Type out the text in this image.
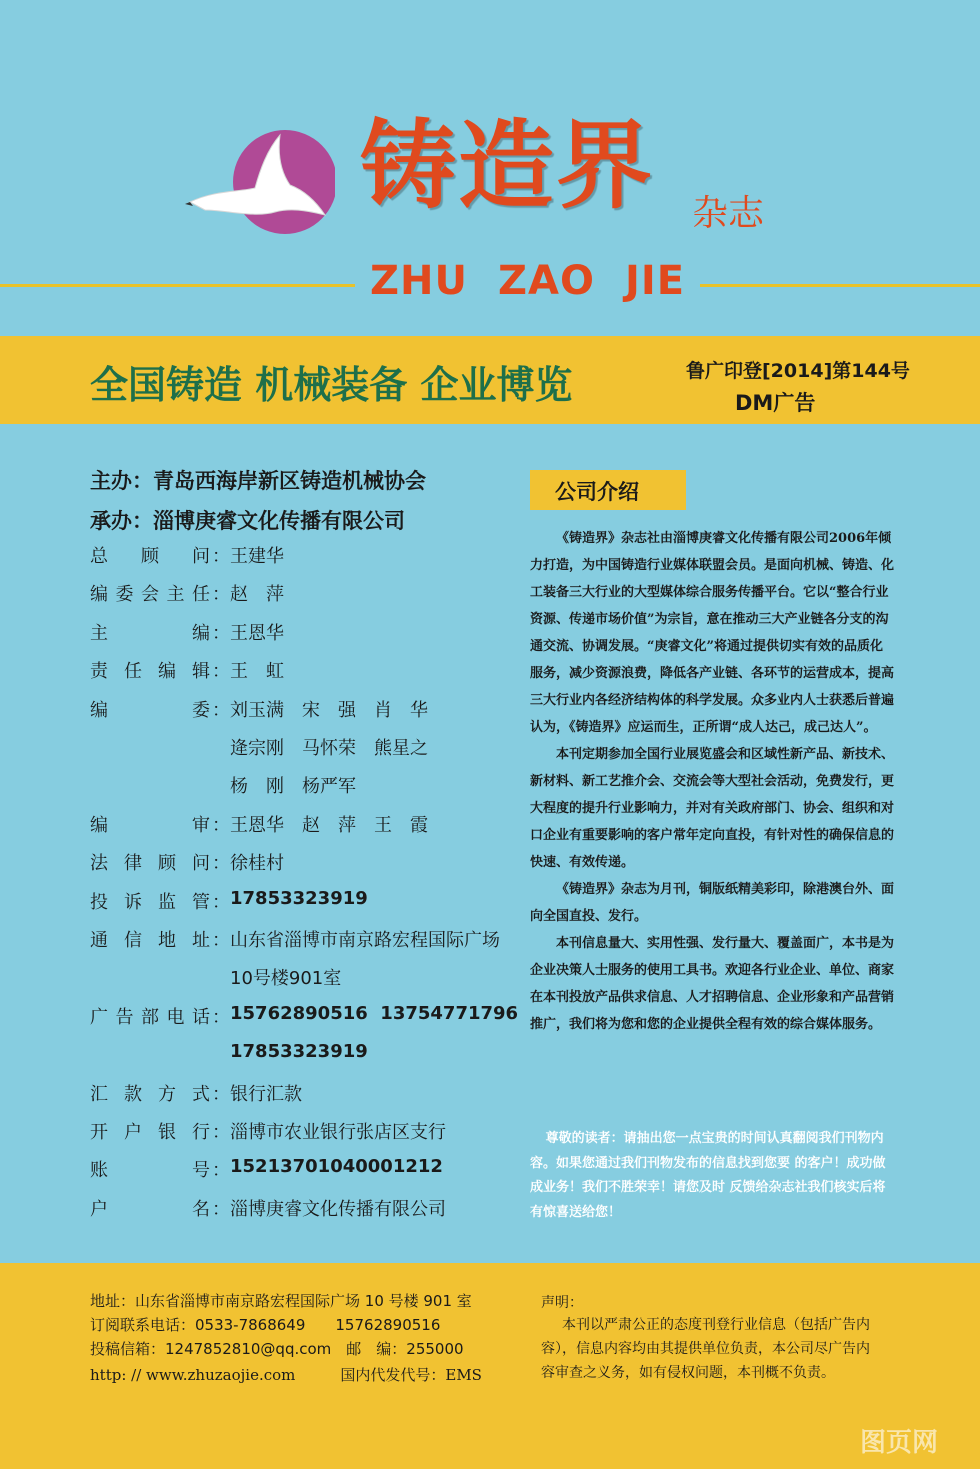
铸造界 杂志
ZHU ZAO JIE
全国铸造 机械装备 企业博览	鲁广印登[2014]第144号
DM广告
主办：青岛西海岸新区铸造机械协会
承办：淄博庚睿文化传播有限公司
总顾问 ： 王建华
编委会主任 ： 赵　萍
主编 ： 王恩华
责任编辑 ： 王　虹
编委 ： 刘玉满　宋　强　肖　华

逄宗刚　马怀荣　熊星之

杨　刚　杨严军
编审 ： 王恩华　赵　萍　王　霞
法律顾问 ： 徐桂村
投诉监管 ： 17853323919
通信地址 ： 山东省淄博市南京路宏程国际广场

10号楼901室
广告部电话 ： 15762890516  13754771796

17853323919
汇款方式 ： 银行汇款
开户银行 ： 淄博市农业银行张店区支行
账号 ： 15213701040001212
户名 ： 淄博庚睿文化传播有限公司
公司介绍

《铸造界》杂志社由淄博庚睿文化传播有限公司2006年倾力打造，为中国铸造行业媒体联盟会员。是面向机械、铸造、化工装备三大行业的大型媒体综合服务传播平台。它以“整合行业资源、传递市场价值”为宗旨，意在推动三大产业链各分支的沟通交流、协调发展。“庚睿文化”将通过提供切实有效的品质化服务，减少资源浪费，降低各产业链、各环节的运营成本，提高三大行业内各经济结构体的科学发展。众多业内人士获悉后普遍认为，《铸造界》应运而生，正所谓“成人达己，成己达人”。

本刊定期参加全国行业展览盛会和区域性新产品、新技术、新材料、新工艺推介会、交流会等大型社会活动，免费发行，更大程度的提升行业影响力，并对有关政府部门、协会、组织和对口企业有重要影响的客户常年定向直投，有针对性的确保信息的快速、有效传递。

《铸造界》杂志为月刊，铜版纸精美彩印，除港澳台外、面向全国直投、发行。

本刊信息量大、实用性强、发行量大、覆盖面广，本书是为企业决策人士服务的使用工具书。欢迎各行业企业、单位、商家在本刊投放产品供求信息、人才招聘信息、企业形象和产品营销推广，我们将为您和您的企业提供全程有效的综合媒体服务。

尊敬的读者：请抽出您一点宝贵的时间认真翻阅我们刊物内容。如果您通过我们刊物发布的信息找到您要 的客户！成功做成业务！我们不胜荣幸！请您及时 反馈给杂志社我们核实后将有惊喜送给您！

地址：山东省淄博市南京路宏程国际广场 10 号楼 901 室
订阅联系电话：0533-7868649　　15762890516
投稿信箱：1247852810@qq.com　邮　编：255000
http: // www.zhuzaojie.com　　　国内代发代号：EMS
声明：

本刊以严肃公正的态度刊登行业信息（包括广告内容），信息内容均由其提供单位负责，本公司尽广告内容审查之义务，如有侵权问题，本刊概不负责。

图页网
